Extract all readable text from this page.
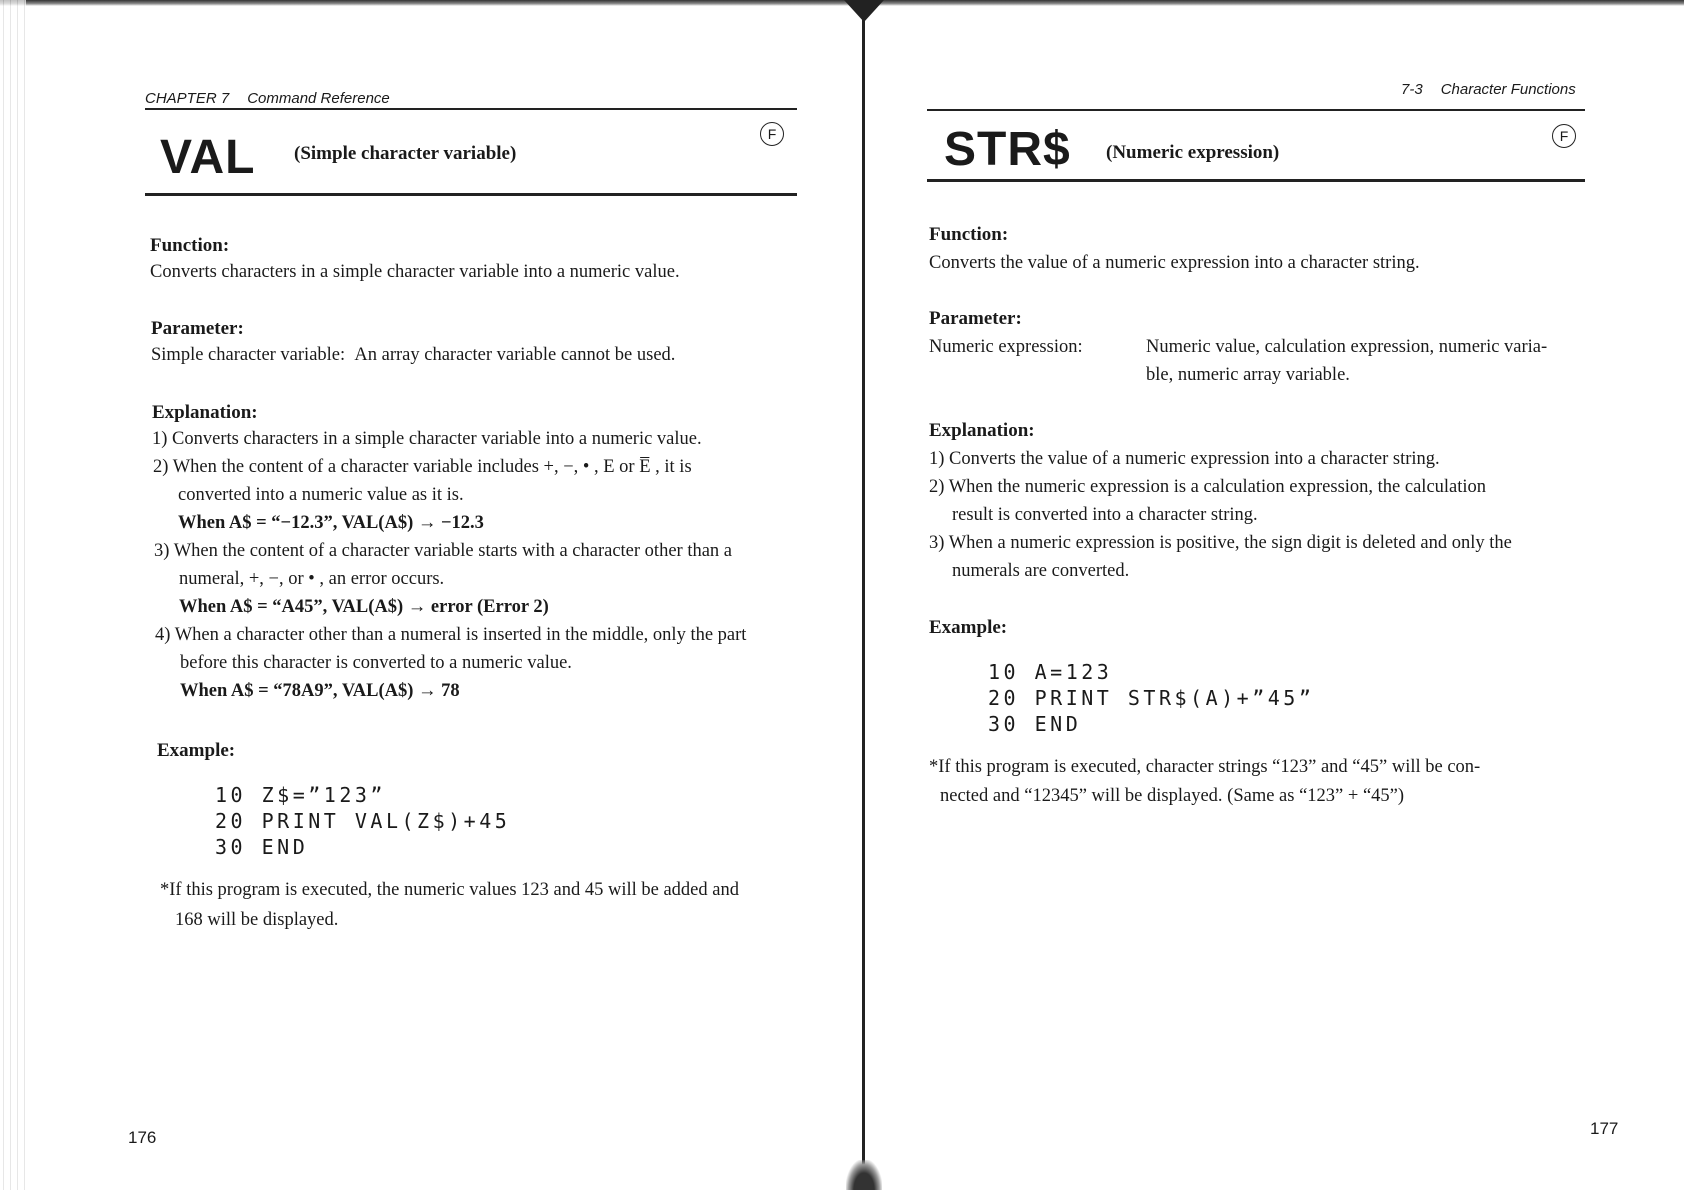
CHAPTER 7 Command Reference
VAL (Simple character variable)
F
Function:
Converts characters in a simple character variable into a numeric value.
Parameter:
Simple character variable: An array character variable cannot be used.
Explanation:
1) Converts characters in a simple character variable into a numeric value.
2) When the content of a character variable includes +, −, • , E or E̅ , it is
converted into a numeric value as it is.
When A$ = “−12.3”, VAL(A$) → −12.3
3) When the content of a character variable starts with a character other than a
numeral, +, −, or • , an error occurs.
When A$ = “A45”, VAL(A$) → error (Error 2)
4) When a character other than a numeral is inserted in the middle, only the part
before this character is converted to a numeric value.
When A$ = “78A9”, VAL(A$) → 78
Example:
10 Z$=”123”
20 PRINT VAL(Z$)+45
30 END
*If this program is executed, the numeric values 123 and 45 will be added and
168 will be displayed.
176
7-3 Character Functions
STR$ (Numeric expression)
F
Function:
Converts the value of a numeric expression into a character string.
Parameter:
Numeric expression:	Numeric value, calculation expression, numeric varia-
ble, numeric array variable.
Explanation:
1) Converts the value of a numeric expression into a character string.
2) When the numeric expression is a calculation expression, the calculation
result is converted into a character string.
3) When a numeric expression is positive, the sign digit is deleted and only the
numerals are converted.
Example:
10 A=123
20 PRINT STR$(A)+”45”
30 END
*If this program is executed, character strings “123” and “45” will be con-
nected and “12345” will be displayed. (Same as “123” + “45”)
177
